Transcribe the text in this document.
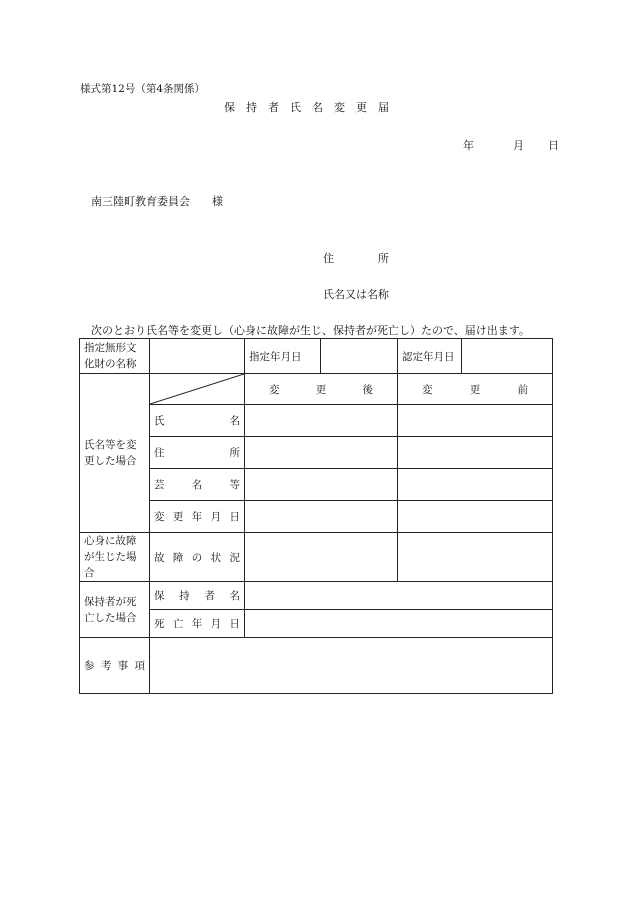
様式第12号（第4条関係）
保持者氏名変更届
年	月	日
南三陸町教育委員会　　様
住　　　　所
氏名又は名称
次のとおり氏名等を変更し（心身に故障が生じ、保持者が死亡し）たので、届け出ます。
指定無形文化財の名称		指定年月日		認定年月日	
氏名等を変更した場合		変 更 後		変 更 前	

	氏 名				

	住 所				

	芸 名 等				

	変 更 年 月 日				

心身に故障が生じた場合	故 障 の 状 況				

保持者が死亡した場合	保 持 者 名				

	死 亡 年 月 日				

参 考 事 項					
